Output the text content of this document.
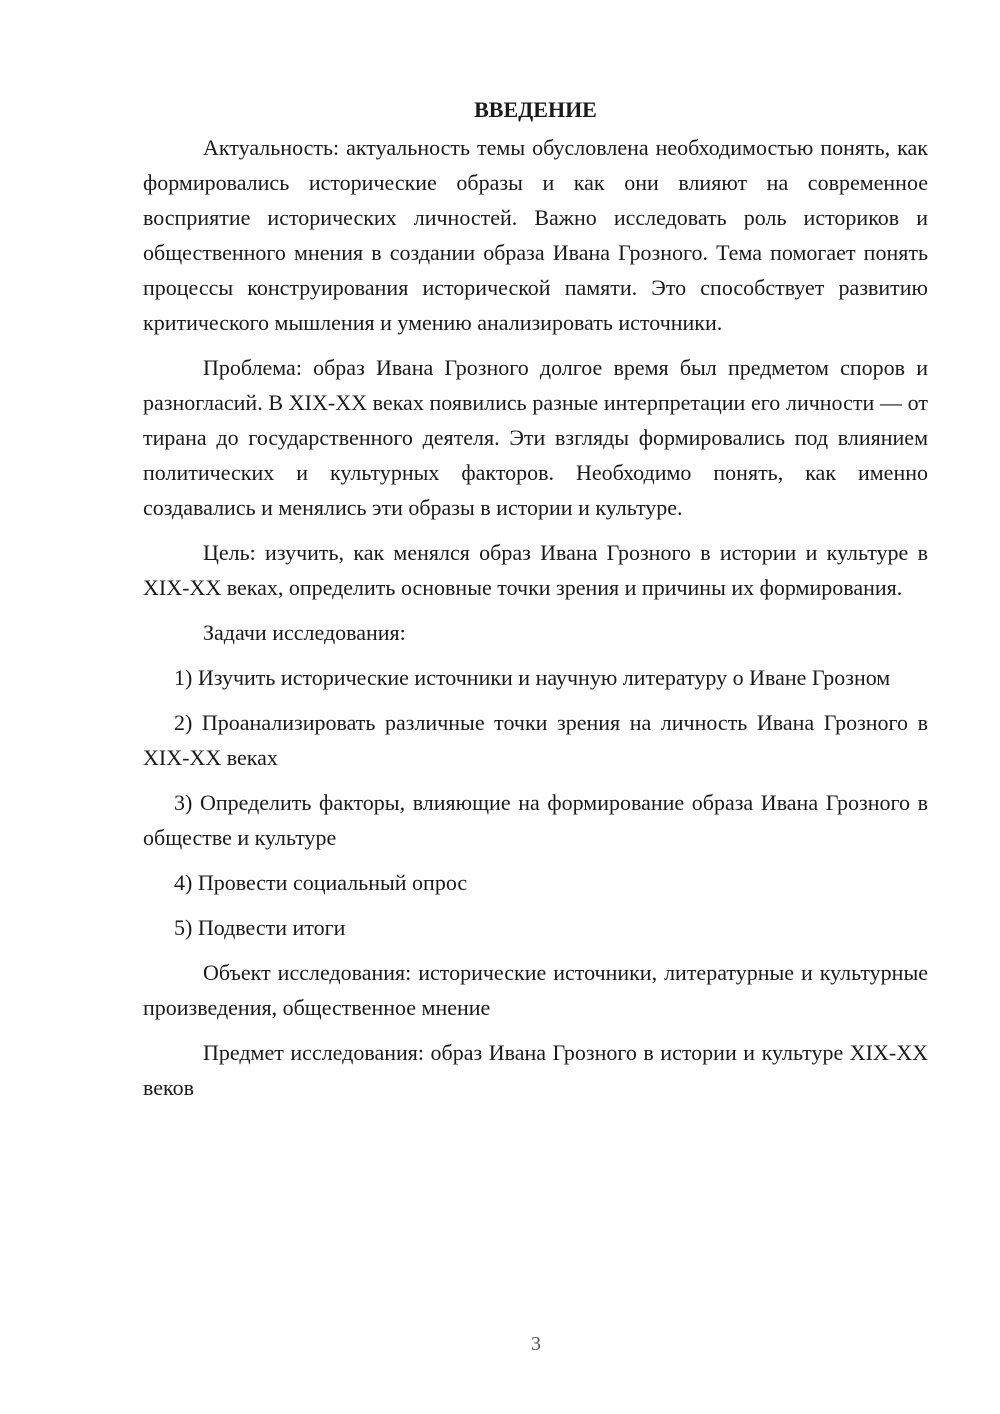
ВВЕДЕНИЕ

Актуальность: актуальность темы обусловлена необходимостью понять, как формировались исторические образы и как они влияют на современное восприятие исторических личностей. Важно исследовать роль историков и общественного мнения в создании образа Ивана Грозного. Тема помогает понять процессы конструирования исторической памяти. Это способствует развитию критического мышления и умению анализировать источники.

Проблема: образ Ивана Грозного долгое время был предметом споров и разногласий. В XIX-XX веках появились разные интерпретации его личности — от тирана до государственного деятеля. Эти взгляды формировались под влиянием политических и культурных факторов. Необходимо понять, как именно создавались и менялись эти образы в истории и культуре.

Цель: изучить, как менялся образ Ивана Грозного в истории и культуре в XIX-XX веках, определить основные точки зрения и причины их формирования.

Задачи исследования:

1) Изучить исторические источники и научную литературу о Иване Грозном

2) Проанализировать различные точки зрения на личность Ивана Грозного в XIX-XX веках

3) Определить факторы, влияющие на формирование образа Ивана Грозного в обществе и культуре

4) Провести социальный опрос

5) Подвести итоги

Объект исследования: исторические источники, литературные и культурные произведения, общественное мнение

Предмет исследования: образ Ивана Грозного в истории и культуре XIX-XX веков

3
